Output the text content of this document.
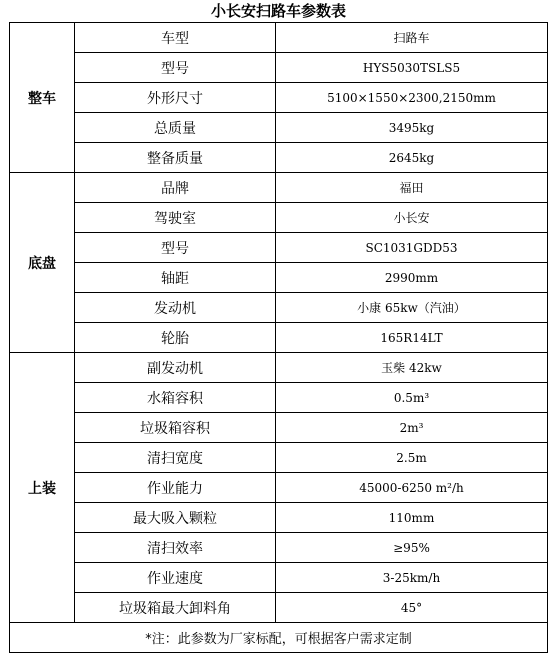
小长安扫路车参数表
整车	车型	扫路车
	型号	HYS5030TSLS5
	外形尺寸	5100×1550×2300,2150mm
	总质量	3495kg
	整备质量	2645kg
底盘	品牌	福田
	驾驶室	小长安
	型号	SC1031GDD53
	轴距	2990mm
	发动机	小康 65kw（汽油）
	轮胎	165R14LT
上装	副发动机	玉柴 42kw
	水箱容积	0.5m³
	垃圾箱容积	2m³
	清扫宽度	2.5m
	作业能力	45000-6250 m²/h
	最大吸入颗粒	110mm
	清扫效率	≥95%
	作业速度	3-25km/h
	垃圾箱最大卸料角	45°
*注：此参数为厂家标配，可根据客户需求定制		
